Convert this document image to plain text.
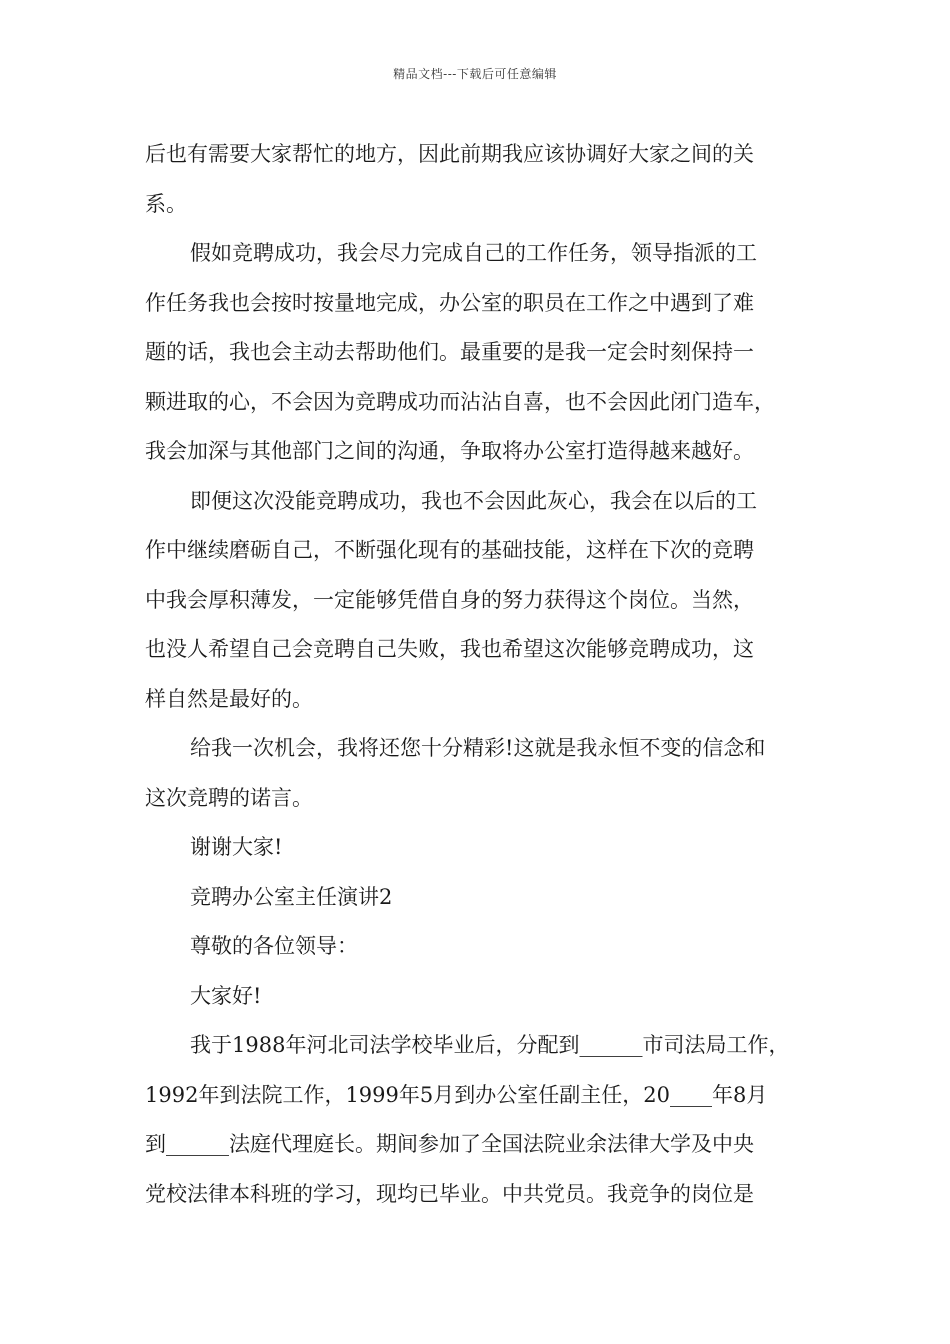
精品文档---下载后可任意编辑
后也有需要大家帮忙的地方，因此前期我应该协调好大家之间的关
系。
假如竞聘成功，我会尽力完成自己的工作任务，领导指派的工
作任务我也会按时按量地完成，办公室的职员在工作之中遇到了难
题的话，我也会主动去帮助他们。最重要的是我一定会时刻保持一
颗进取的心，不会因为竞聘成功而沾沾自喜，也不会因此闭门造车，
我会加深与其他部门之间的沟通，争取将办公室打造得越来越好。
即便这次没能竞聘成功，我也不会因此灰心，我会在以后的工
作中继续磨砺自己，不断强化现有的基础技能，这样在下次的竞聘
中我会厚积薄发，一定能够凭借自身的努力获得这个岗位。当然，
也没人希望自己会竞聘自己失败，我也希望这次能够竞聘成功，这
样自然是最好的。
给我一次机会，我将还您十分精彩!这就是我永恒不变的信念和
这次竞聘的诺言。
谢谢大家!
竞聘办公室主任演讲2
尊敬的各位领导：
大家好!
我于1988年河北司法学校毕业后，分配到______市司法局工作，
1992年到法院工作，1999年5月到办公室任副主任，20____年8月
到______法庭代理庭长。期间参加了全国法院业余法律大学及中央
党校法律本科班的学习，现均已毕业。中共党员。我竞争的岗位是
